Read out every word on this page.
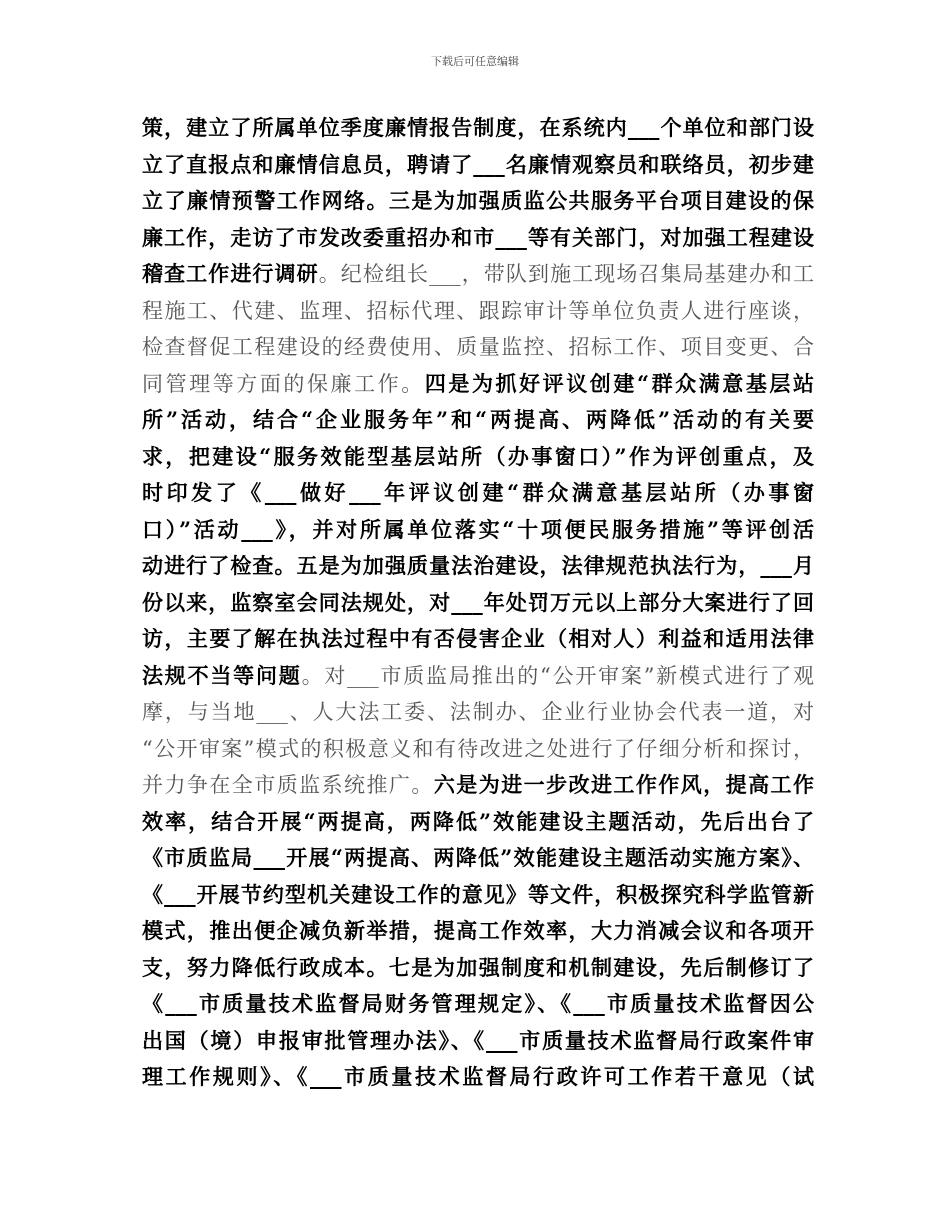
下载后可任意编辑
策，建立了所属单位季度廉情报告制度，在系统内___个单位和部门设
立了直报点和廉情信息员，聘请了___名廉情观察员和联络员，初步建
立了廉情预警工作网络。三是为加强质监公共服务平台项目建设的保
廉工作，走访了市发改委重招办和市___等有关部门，对加强工程建设
稽查工作进行调研。纪检组长___，带队到施工现场召集局基建办和工
程施工、代建、监理、招标代理、跟踪审计等单位负责人进行座谈，
检查督促工程建设的经费使用、质量监控、招标工作、项目变更、合
同管理等方面的保廉工作。四是为抓好评议创建“群众满意基层站
所”活动，结合“企业服务年”和“两提高、两降低”活动的有关要
求，把建设“服务效能型基层站所（办事窗口）”作为评创重点，及
时印发了《___做好___年评议创建“群众满意基层站所（办事窗
口）”活动___》，并对所属单位落实“十项便民服务措施”等评创活
动进行了检查。五是为加强质量法治建设，法律规范执法行为，___月
份以来，监察室会同法规处，对___年处罚万元以上部分大案进行了回
访，主要了解在执法过程中有否侵害企业（相对人）利益和适用法律
法规不当等问题。对___市质监局推出的“公开审案”新模式进行了观
摩，与当地___、人大法工委、法制办、企业行业协会代表一道，对
“公开审案”模式的积极意义和有待改进之处进行了仔细分析和探讨，
并力争在全市质监系统推广。六是为进一步改进工作作风，提高工作
效率，结合开展“两提高，两降低”效能建设主题活动，先后出台了
《市质监局___开展“两提高、两降低”效能建设主题活动实施方案》、
《___开展节约型机关建设工作的意见》等文件，积极探究科学监管新
模式，推出便企减负新举措，提高工作效率，大力消减会议和各项开
支，努力降低行政成本。七是为加强制度和机制建设，先后制修订了
《___市质量技术监督局财务管理规定》、《___市质量技术监督因公
出国（境）申报审批管理办法》、《___市质量技术监督局行政案件审
理工作规则》、《___市质量技术监督局行政许可工作若干意见（试
